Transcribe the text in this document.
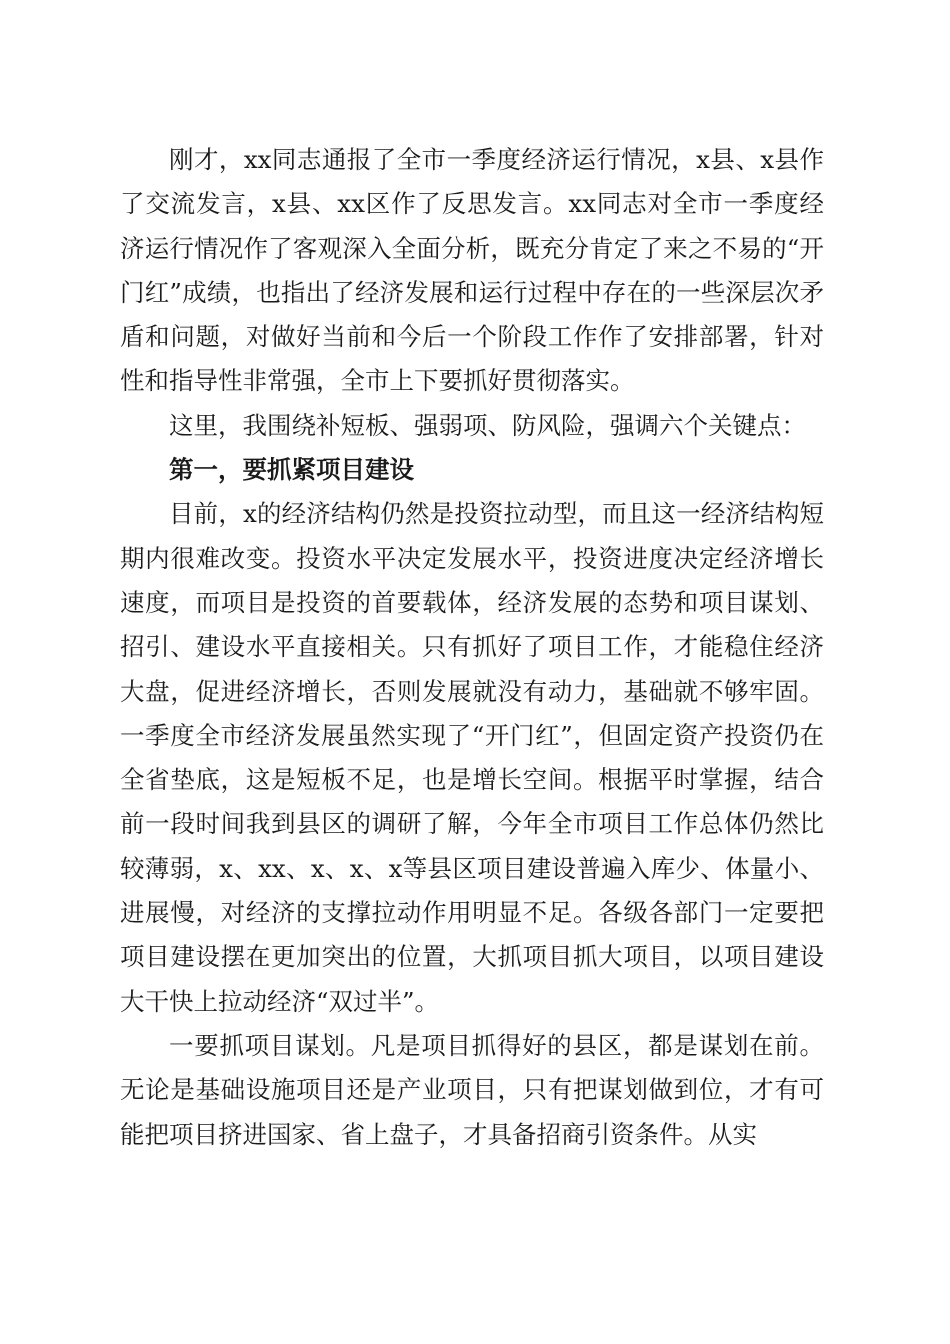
刚才，xx同志通报了全市一季度经济运行情况，x县、x县作了交流发言，x县、xx区作了反思发言。xx同志对全市一季度经济运行情况作了客观深入全面分析，既充分肯定了来之不易的“开门红”成绩，也指出了经济发展和运行过程中存在的一些深层次矛盾和问题，对做好当前和今后一个阶段工作作了安排部署，针对性和指导性非常强，全市上下要抓好贯彻落实。

这里，我围绕补短板、强弱项、防风险，强调六个关键点：

第一，要抓紧项目建设

目前，x的经济结构仍然是投资拉动型，而且这一经济结构短期内很难改变。投资水平决定发展水平，投资进度决定经济增长速度，而项目是投资的首要载体，经济发展的态势和项目谋划、招引、建设水平直接相关。只有抓好了项目工作，才能稳住经济大盘，促进经济增长，否则发展就没有动力，基础就不够牢固。一季度全市经济发展虽然实现了“开门红”，但固定资产投资仍在全省垫底，这是短板不足，也是增长空间。根据平时掌握，结合前一段时间我到县区的调研了解，今年全市项目工作总体仍然比较薄弱，x、xx、x、x、x等县区项目建设普遍入库少、体量小、进展慢，对经济的支撑拉动作用明显不足。各级各部门一定要把项目建设摆在更加突出的位置，大抓项目抓大项目，以项目建设大干快上拉动经济“双过半”。

一要抓项目谋划。凡是项目抓得好的县区，都是谋划在前。无论是基础设施项目还是产业项目，只有把谋划做到位，才有可能把项目挤进国家、省上盘子，才具备招商引资条件。从实
